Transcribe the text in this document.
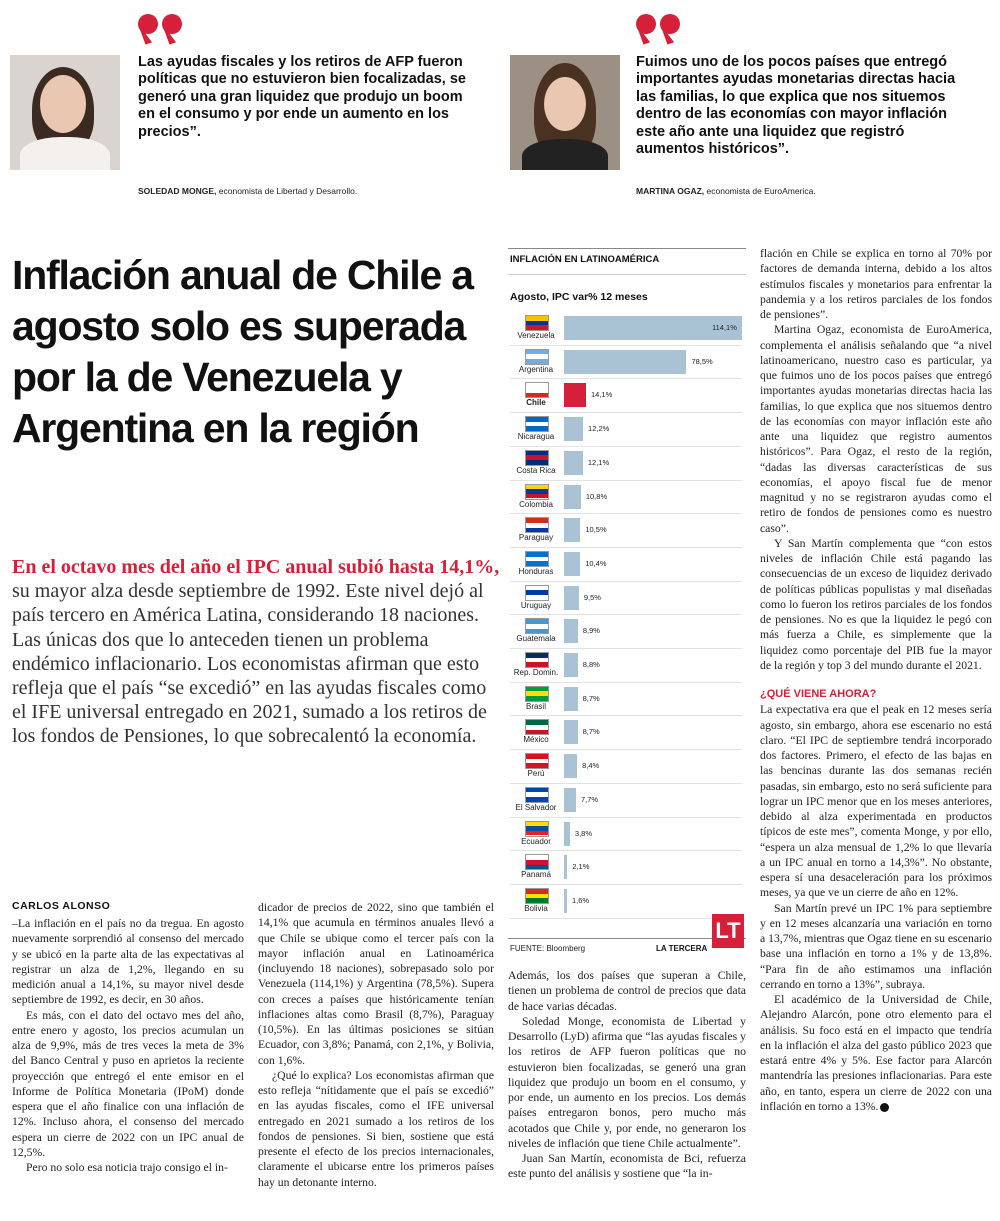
Las ayudas fiscales y los retiros de AFP fueron políticas que no estuvieron bien focalizadas, se generó una gran liquidez que produjo un boom en el consumo y por ende un aumento en los precios”.
SOLEDAD MONGE, economista de Libertad y Desarrollo.
Fuimos uno de los pocos países que entregó importantes ayudas monetarias directas hacia las familias, lo que explica que nos situemos dentro de las economías con mayor inflación este año ante una liquidez que registró aumentos históricos”.
MARTINA OGAZ, economista de EuroAmerica.
Inflación anual de Chile a agosto solo es superada por la de Venezuela y Argentina en la región
En el octavo mes del año el IPC anual subió hasta 14,1%, su mayor alza desde septiembre de 1992. Este nivel dejó al país tercero en América Latina, considerando 18 naciones. Las únicas dos que lo anteceden tienen un problema endémico inflacionario. Los economistas afirman que esto refleja que el país “se excedió” en las ayudas fiscales como el IFE universal entregado en 2021, sumado a los retiros de los fondos de Pensiones, lo que sobrecalentó la economía.
CARLOS ALONSO

–La inflación en el país no da tregua. En agosto nuevamente sorprendió al consenso del mercado y se ubicó en la parte alta de las expectativas al registrar un alza de 1,2%, llegando en su medición anual a 14,1%, su mayor nivel desde septiembre de 1992, es decir, en 30 años.

Es más, con el dato del octavo mes del año, entre enero y agosto, los precios acumulan un alza de 9,9%, más de tres veces la meta de 3% del Banco Central y puso en aprietos la reciente proyección que entregó el ente emisor en el Informe de Política Monetaria (IPoM) donde espera que el año finalice con una inflación de 12%. Incluso ahora, el consenso del mercado espera un cierre de 2022 con un IPC anual de 12,5%.

Pero no solo esa noticia trajo consigo el in-

dicador de precios de 2022, sino que también el 14,1% que acumula en términos anuales llevó a que Chile se ubique como el tercer país con la mayor inflación anual en Latinoamérica (incluyendo 18 naciones), sobrepasado solo por Venezuela (114,1%) y Argentina (78,5%). Supera con creces a países que históricamente tenían inflaciones altas como Brasil (8,7%), Paraguay (10,5%). En las últimas posiciones se sitúan Ecuador, con 3,8%; Panamá, con 2,1%, y Bolivia, con 1,6%.

¿Qué lo explica? Los economistas afirman que esto refleja “nítidamente que el país se excedió” en las ayudas fiscales, como el IFE universal entregado en 2021 sumado a los retiros de los fondos de pensiones. Si bien, sostiene que está presente el efecto de los precios internacionales, claramente el ubicarse entre los primeros países hay un detonante interno.

Además, los dos países que superan a Chile, tienen un problema de control de precios que data de hace varias décadas.

Soledad Monge, economista de Libertad y Desarrollo (LyD) afirma que “las ayudas fiscales y los retiros de AFP fueron políticas que no estuvieron bien focalizadas, se generó una gran liquidez que produjo un boom en el consumo, y por ende, un aumento en los precios. Los demás países entregaron bonos, pero mucho más acotados que Chile y, por ende, no generaron los niveles de inflación que tiene Chile actualmente”.

Juan San Martín, economista de Bci, refuerza este punto del análisis y sostiene que “la in-

flación en Chile se explica en torno al 70% por factores de demanda interna, debido a los altos estímulos fiscales y monetarios para enfrentar la pandemia y a los retiros parciales de los fondos de pensiones”.

Martina Ogaz, economista de EuroAmerica, complementa el análisis señalando que “a nivel latinoamericano, nuestro caso es particular, ya que fuimos uno de los pocos países que entregó importantes ayudas monetarias directas hacia las familias, lo que explica que nos situemos dentro de las economías con mayor inflación este año ante una liquidez que registro aumentos históricos”. Para Ogaz, el resto de la región, “dadas las diversas características de sus economías, el apoyo fiscal fue de menor magnitud y no se registraron ayudas como el retiro de fondos de pensiones como es nuestro caso”.

Y San Martín complementa que “con estos niveles de inflación Chile está pagando las consecuencias de un exceso de liquidez derivado de políticas públicas populistas y mal diseñadas como lo fueron los retiros parciales de los fondos de pensiones. No es que la liquidez le pegó con más fuerza a Chile, es simplemente que la liquidez como porcentaje del PIB fue la mayor de la región y top 3 del mundo durante el 2021.

¿QUÉ VIENE AHORA?

La expectativa era que el peak en 12 meses sería agosto, sin embargo, ahora ese escenario no está claro. “El IPC de septiembre tendrá incorporado dos factores. Primero, el efecto de las bajas en las bencinas durante las dos semanas recién pasadas, sin embargo, esto no será suficiente para lograr un IPC menor que en los meses anteriores, debido al alza experimentada en productos típicos de este mes”, comenta Monge, y por ello, “espera un alza mensual de 1,2% lo que llevaría a un IPC anual en torno a 14,3%”. No obstante, espera sí una desaceleración para los próximos meses, ya que ve un cierre de año en 12%.

San Martín prevé un IPC 1% para septiembre y en 12 meses alcanzaría una variación en torno a 13,7%, mientras que Ogaz tiene en su escenario base una inflación en torno a 1% y de 13,8%. “Para fin de año estimamos una inflación cerrando en torno a 13%”, subraya.

El académico de la Universidad de Chile, Alejandro Alarcón, pone otro elemento para el análisis. Su foco está en el impacto que tendría en la inflación el alza del gasto público 2023 que estará entre 4% y 5%. Ese factor para Alarcón mantendría las presiones inflacionarias. Para este año, en tanto, espera un cierre de 2022 con una inflación en torno a 13%.

INFLACIÓN EN LATINOAMÉRICA
Agosto, IPC var% 12 meses
Venezuela
114,1%
Argentina
78,5%
Chile
14,1%
Nicaragua
12,2%
Costa Rica
12,1%
Colombia
10,8%
Paraguay
10,5%
Honduras
10,4%
Uruguay
9,5%
Guatemala
8,9%
Rep. Domin.
8,8%
Brasil
8,7%
México
8,7%
Perú
8,4%
El Salvador
7,7%
Ecuador
3,8%
Panamá
2,1%
Bolivia
1,6%
FUENTE: Bloomberg	LA TERCERA
LT
